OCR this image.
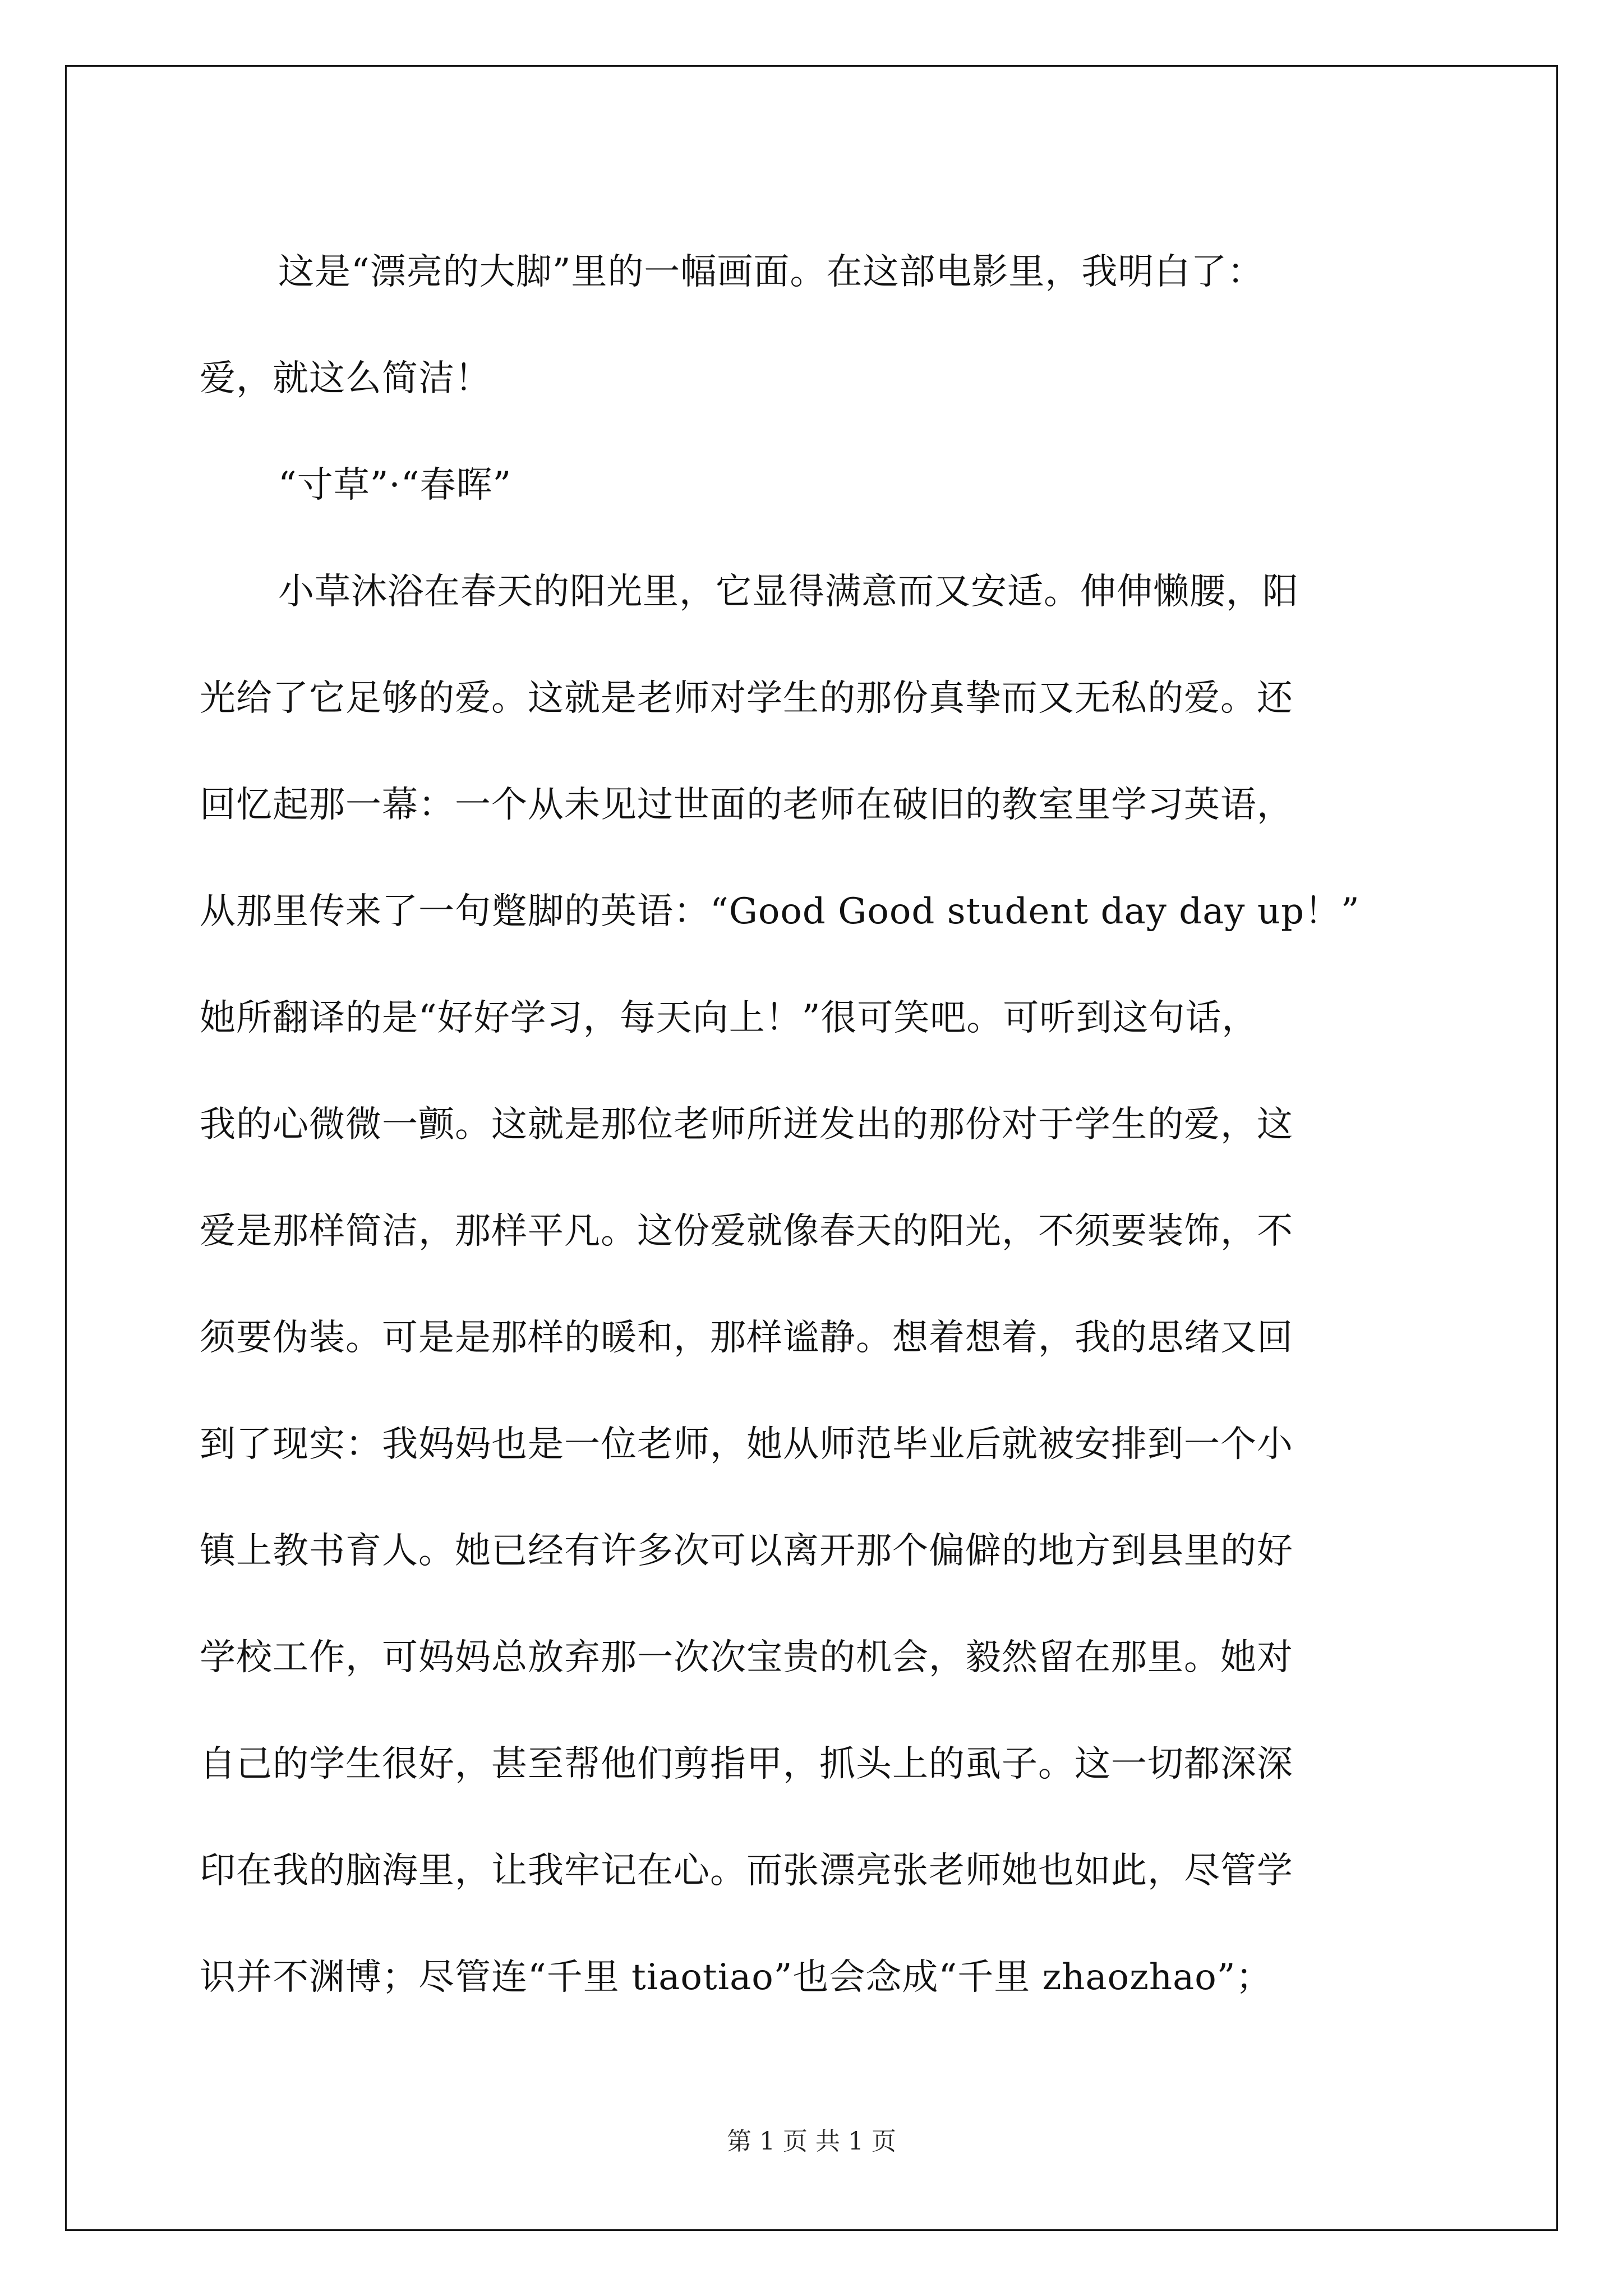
这是“漂亮的大脚”里的一幅画面。在这部电影里，我明白了：
爱，就这么简洁！
“寸草”·“春晖”
小草沐浴在春天的阳光里，它显得满意而又安适。伸伸懒腰，阳
光给了它足够的爱。这就是老师对学生的那份真挚而又无私的爱。还
回忆起那一幕：一个从未见过世面的老师在破旧的教室里学习英语，
从那里传来了一句蹩脚的英语：“Good Good student day day up！”
她所翻译的是“好好学习，每天向上！”很可笑吧。可听到这句话，
我的心微微一颤。这就是那位老师所迸发出的那份对于学生的爱，这
爱是那样简洁，那样平凡。这份爱就像春天的阳光，不须要装饰，不
须要伪装。可是是那样的暖和，那样谧静。想着想着，我的思绪又回
到了现实：我妈妈也是一位老师，她从师范毕业后就被安排到一个小
镇上教书育人。她已经有许多次可以离开那个偏僻的地方到县里的好
学校工作，可妈妈总放弃那一次次宝贵的机会，毅然留在那里。她对
自己的学生很好，甚至帮他们剪指甲，抓头上的虱子。这一切都深深
印在我的脑海里，让我牢记在心。而张漂亮张老师她也如此，尽管学
识并不渊博；尽管连“千里 tiaotiao”也会念成“千里 zhaozhao”；
第 1 页 共 1 页
